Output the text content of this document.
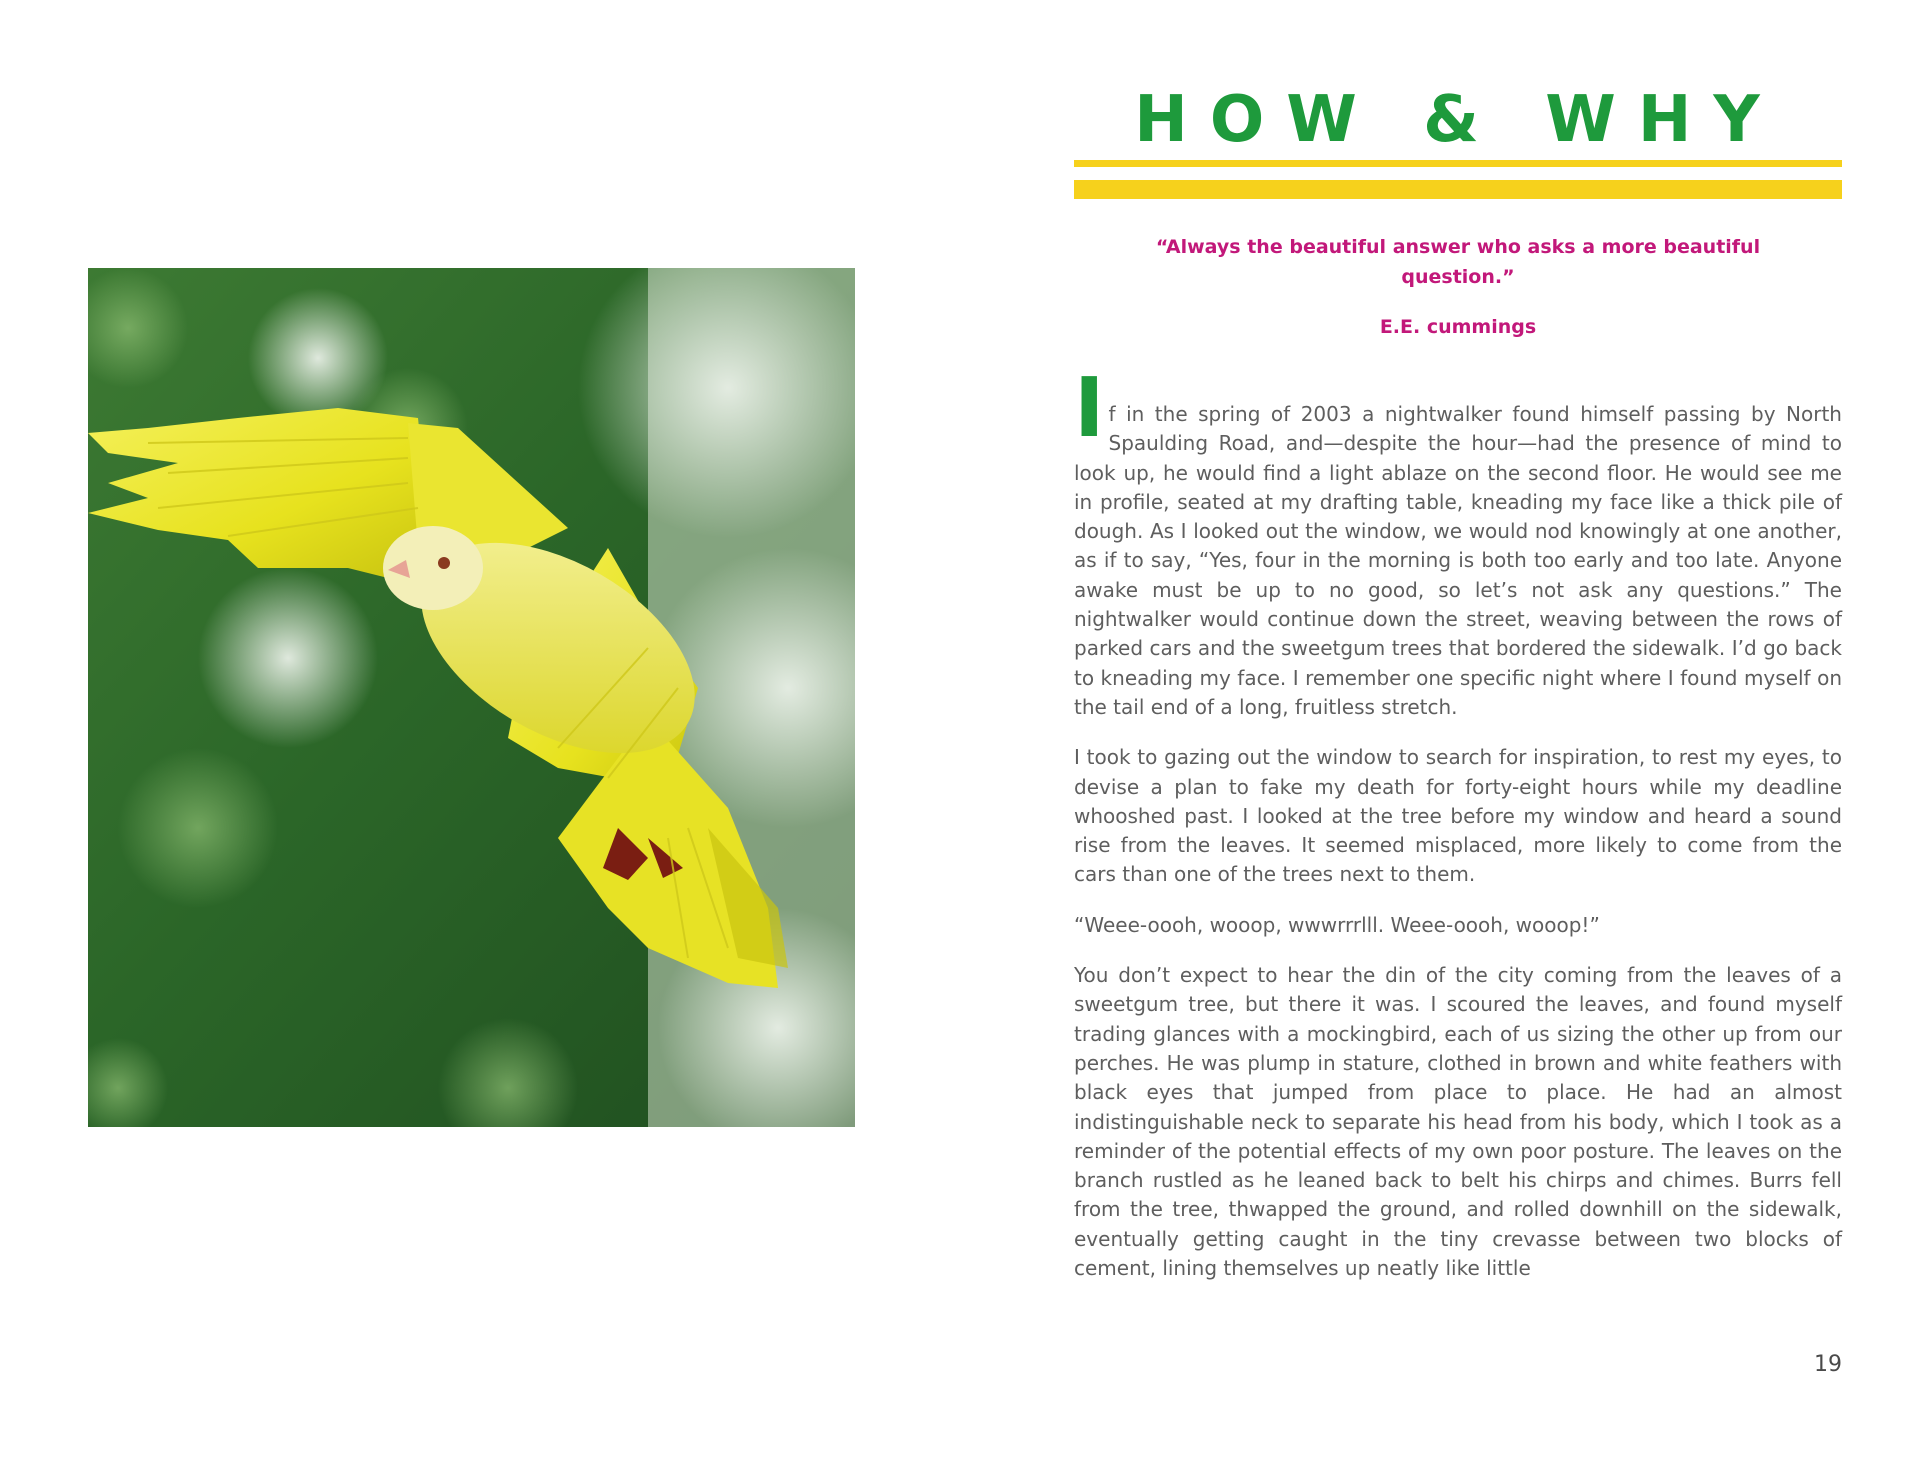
HOW & WHY
“Always the beautiful answer who asks a more beautiful question.”
E.E. cummings

If in the spring of 2003 a nightwalker found himself passing by North Spaulding Road, and—despite the hour—had the presence of mind to look up, he would find a light ablaze on the second floor. He would see me in profile, seated at my drafting table, kneading my face like a thick pile of dough. As I looked out the window, we would nod knowingly at one another, as if to say, “Yes, four in the morning is both too early and too late. Anyone awake must be up to no good, so let’s not ask any questions.” The nightwalker would continue down the street, weaving between the rows of parked cars and the sweetgum trees that bordered the sidewalk. I’d go back to kneading my face. I remember one specific night where I found myself on the tail end of a long, fruitless stretch.

I took to gazing out the window to search for inspiration, to rest my eyes, to devise a plan to fake my death for forty-eight hours while my deadline whooshed past. I looked at the tree before my window and heard a sound rise from the leaves. It seemed misplaced, more likely to come from the cars than one of the trees next to them.

“Weee-oooh, wooop, wwwrrrlll. Weee-oooh, wooop!”

You don’t expect to hear the din of the city coming from the leaves of a sweetgum tree, but there it was. I scoured the leaves, and found myself trading glances with a mockingbird, each of us sizing the other up from our perches. He was plump in stature, clothed in brown and white feathers with black eyes that jumped from place to place. He had an almost indistinguishable neck to separate his head from his body, which I took as a reminder of the potential effects of my own poor posture. The leaves on the branch rustled as he leaned back to belt his chirps and chimes. Burrs fell from the tree, thwapped the ground, and rolled downhill on the sidewalk, eventually getting caught in the tiny crevasse between two blocks of cement, lining themselves up neatly like little

19
